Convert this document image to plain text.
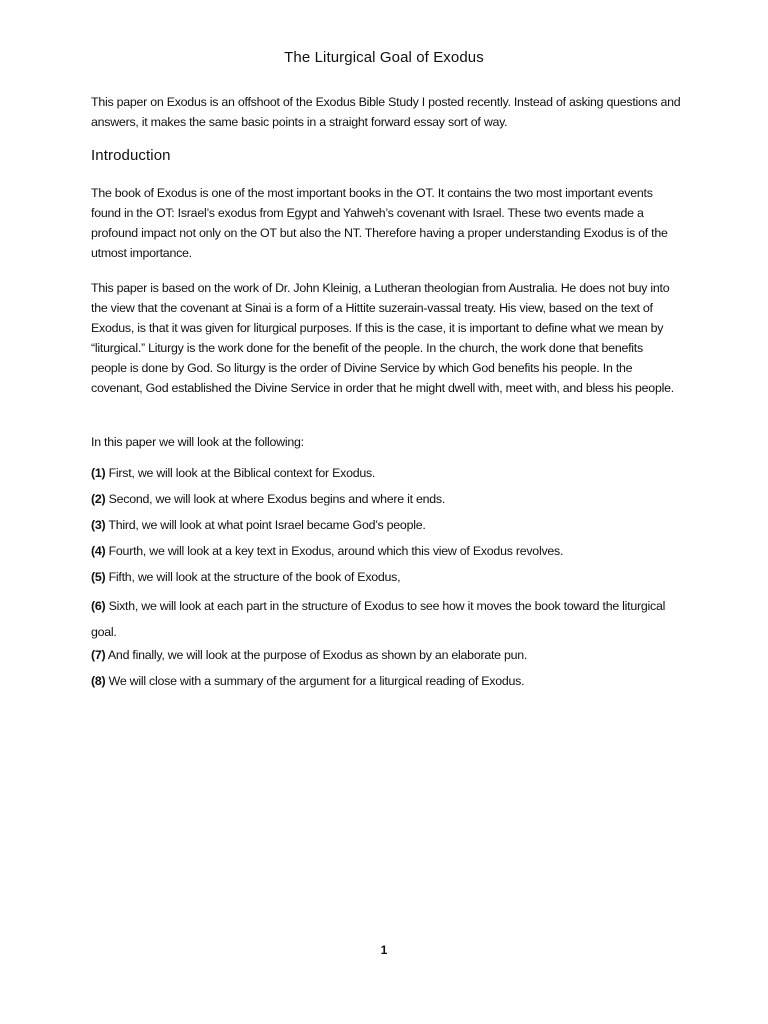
The Liturgical Goal of Exodus
This paper on Exodus is an offshoot of the Exodus Bible Study I posted recently. Instead of asking questions and answers, it makes the same basic points in a straight forward essay sort of way.
Introduction
The book of Exodus is one of the most important books in the OT. It contains the two most important events found in the OT: Israel’s exodus from Egypt and Yahweh’s covenant with Israel. These two events made a profound impact not only on the OT but also the NT. Therefore having a proper understanding Exodus is of the utmost importance.
This paper is based on the work of Dr. John Kleinig, a Lutheran theologian from Australia. He does not buy into the view that the covenant at Sinai is a form of a Hittite suzerain-vassal treaty. His view, based on the text of Exodus, is that it was given for liturgical purposes. If this is the case, it is important to define what we mean by “liturgical.” Liturgy is the work done for the benefit of the people. In the church, the work done that benefits people is done by God. So liturgy is the order of Divine Service by which God benefits his people. In the covenant, God established the Divine Service in order that he might dwell with, meet with, and bless his people.
In this paper we will look at the following:
(1) First, we will look at the Biblical context for Exodus.
(2) Second, we will look at where Exodus begins and where it ends.
(3) Third, we will look at what point Israel became God’s people.
(4) Fourth, we will look at a key text in Exodus, around which this view of Exodus revolves.
(5) Fifth, we will look at the structure of the book of Exodus,
(6) Sixth, we will look at each part in the structure of Exodus to see how it moves the book toward the liturgical goal.
(7) And finally, we will look at the purpose of Exodus as shown by an elaborate pun.
(8) We will close with a summary of the argument for a liturgical reading of Exodus.
1
